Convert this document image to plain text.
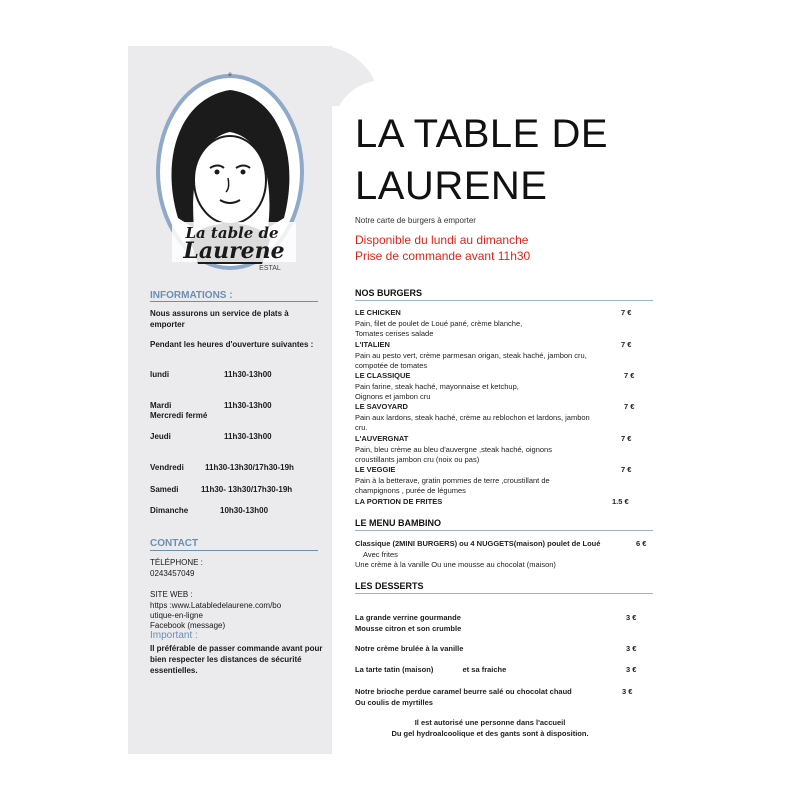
La table de
Laurene
ESTAL
e
INFORMATIONS :
Nous assurons un service de plats à emporter
Pendant les heures d'ouverture suivantes :
lundi	11h30-13h00
Mardi	11h30-13h00
Mercredi fermé
Jeudi	11h30-13h00
Vendredi	11h30-13h30/17h30-19h
Samedi	11h30- 13h30/17h30-19h
Dimanche	10h30-13h00
CONTACT
TÉLÉPHONE :
0243457049
SITE WEB :
https :www.Latabledelaurene.com/bo
utique-en-ligne
Facebook (message)
Important :
Il préférable de passer commande avant pour bien respecter les distances de sécurité essentielles.
LA TABLE DE
LAURENE
Notre carte de burgers à emporter
Disponible du lundi au dimanche
Prise de commande avant 11h30
NOS BURGERS
LE CHICKEN
Pain, filet de poulet de Loué pané, crème blanche,
Tomates cerises salade
7 €
L'ITALIEN
Pain au pesto vert, crème parmesan origan, steak haché, jambon cru,
compotée de tomates
7 €
LE CLASSIQUE
Pain farine, steak haché, mayonnaise et ketchup,
Oignons et jambon cru
7 €
LE SAVOYARD
Pain aux lardons, steak haché, crème au reblochon et lardons, jambon
cru.
7 €
L'AUVERGNAT
Pain, bleu crème au bleu d'auvergne ,steak haché, oignons
croustillants jambon cru (noix ou pas)
7 €
LE VEGGIE
Pain à la betterave, gratin pommes de terre ,croustillant de
champignons , purée de légumes
7 €
LA PORTION DE FRITES	1.5 €
LE MENU BAMBINO
Classique (2MINI BURGERS) ou 4 NUGGETS(maison) poulet de Loué
Avec frites
Une crème à la vanille Ou une mousse au chocolat (maison)
6 €
LES DESSERTS
La grande verrine gourmande
Mousse citron et son crumble
3 €
Notre crème brulée à la vanille	3 €
La tarte tatin (maison)              et sa fraiche	3 €
Notre brioche perdue caramel beurre salé ou chocolat chaud
Ou coulis de myrtilles
3 €
Il est autorisé une personne dans l'accueil
Du gel hydroalcoolique et des gants sont à disposition.
